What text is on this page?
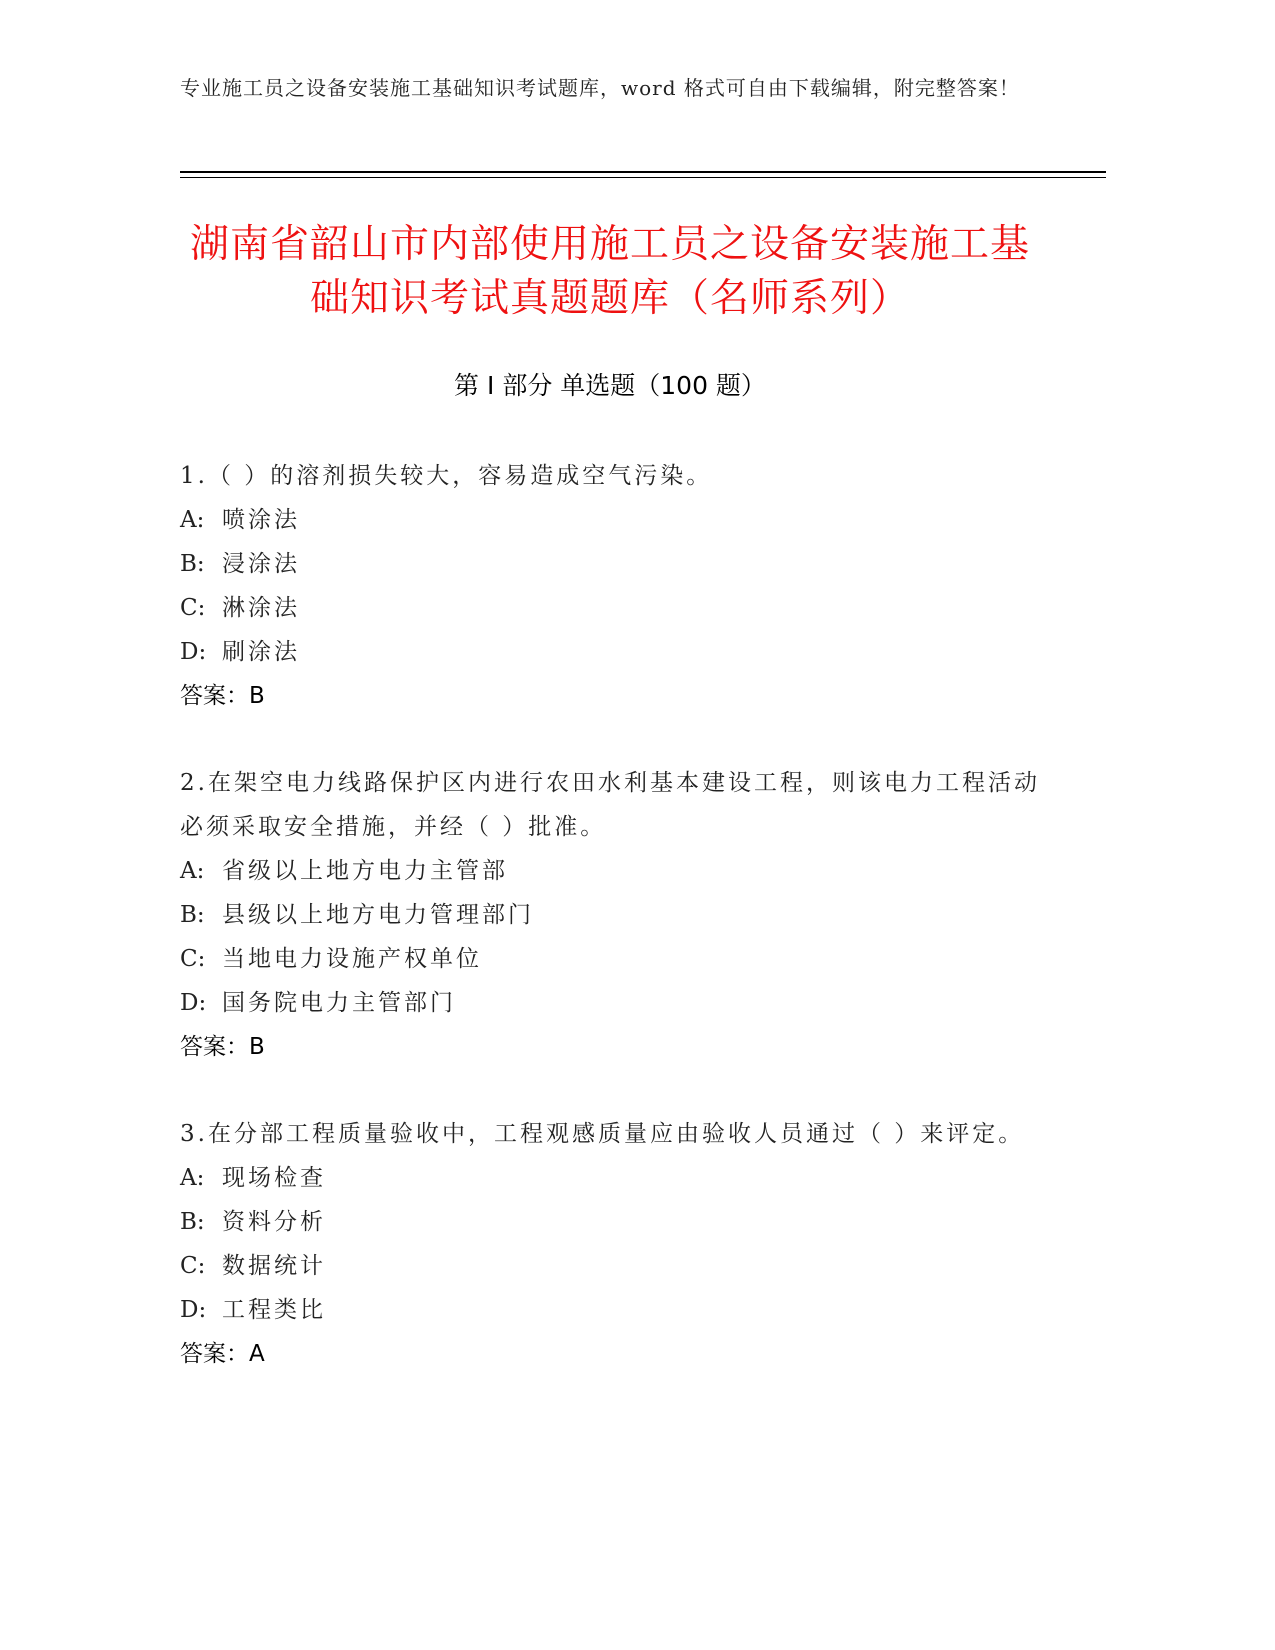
专业施工员之设备安装施工基础知识考试题库，word 格式可自由下载编辑，附完整答案！
湖南省韶山市内部使用施工员之设备安装施工基础知识考试真题题库（名师系列）
第 I 部分 单选题（100 题）
1.（ ）的溶剂损失较大，容易造成空气污染。
A: 喷涂法
B: 浸涂法
C: 淋涂法
D: 刷涂法
答案：B
2.在架空电力线路保护区内进行农田水利基本建设工程，则该电力工程活动必须采取安全措施，并经（ ）批准。
A: 省级以上地方电力主管部
B: 县级以上地方电力管理部门
C: 当地电力设施产权单位
D: 国务院电力主管部门
答案：B
3.在分部工程质量验收中，工程观感质量应由验收人员通过（ ）来评定。
A: 现场检查
B: 资料分析
C: 数据统计
D: 工程类比
答案：A
